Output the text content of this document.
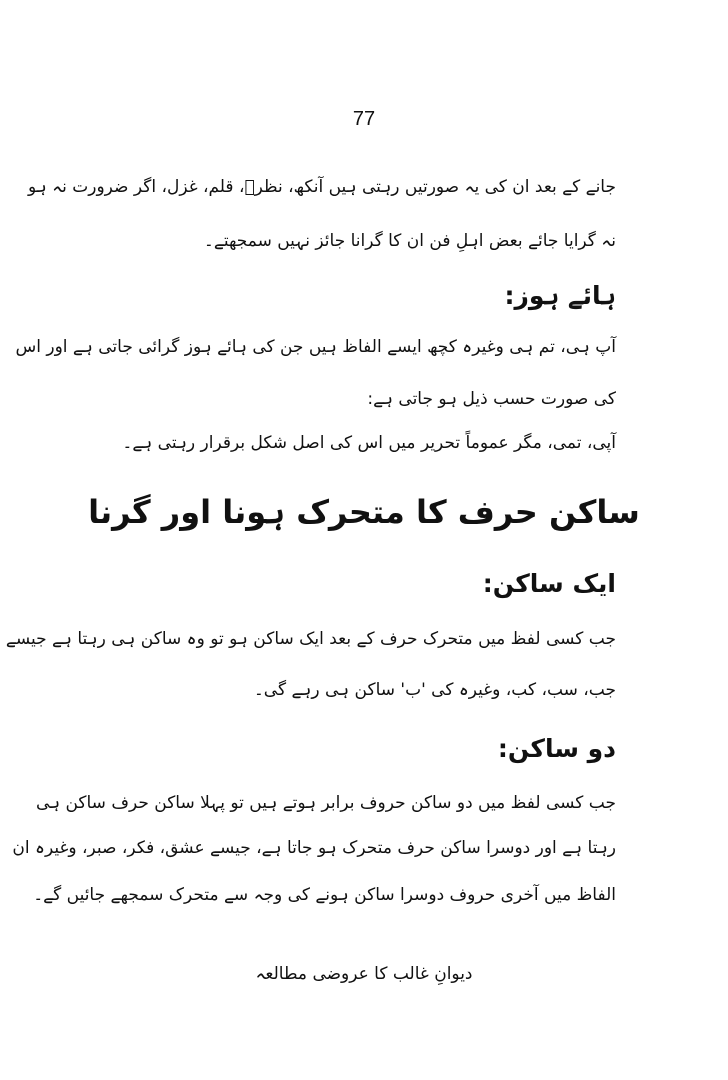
77
جانے کے بعد ان کی یہ صورتیں رہتی ہیں آنکھ، نظرؔ، قلم، غزل، اگر ضرورت نہ ہو
نہ گرایا جائے بعض اہلِ فن ان کا گرانا جائز نہیں سمجھتے۔
ہائے ہوز:
آپ ہی، تم ہی وغیرہ کچھ ایسے الفاظ ہیں جن کی ہائے ہوز گرائی جاتی ہے اور اس
کی صورت حسب ذیل ہو جاتی ہے:
آپی، تمی، مگر عموماً تحریر میں اس کی اصل شکل برقرار رہتی ہے۔
ساکن حرف کا متحرک ہونا اور گرنا
ایک ساکن:
جب کسی لفظ میں متحرک حرف کے بعد ایک ساکن ہو تو وہ ساکن ہی رہتا ہے جیسے
جب، سب، کب، وغیرہ کی 'ب' ساکن ہی رہے گی۔
دو ساکن:
جب کسی لفظ میں دو ساکن حروف برابر ہوتے ہیں تو پہلا ساکن حرف ساکن ہی
رہتا ہے اور دوسرا ساکن حرف متحرک ہو جاتا ہے، جیسے عشق، فکر، صبر، وغیرہ ان
الفاظ میں آخری حروف دوسرا ساکن ہونے کی وجہ سے متحرک سمجھے جائیں گے۔
دیوانِ غالب کا عروضی مطالعہ
